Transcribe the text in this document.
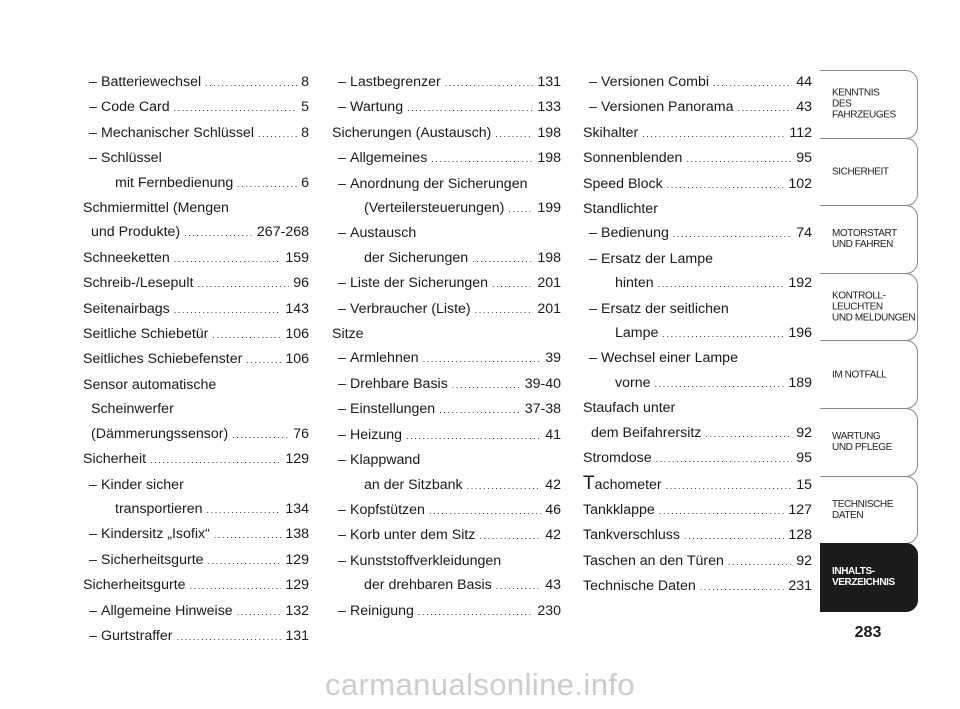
– Batteriewechsel .....	8
– Code Card .....	5
– Mechanischer Schlüssel .....	8
– Schlüssel
mit Fernbedienung .....	6
Schmiermittel (Mengen
und Produkte) .....	267-268
Schneeketten .....	159
Schreib-/Lesepult .....	96
Seitenairbags .....	143
Seitliche Schiebetür .....	106
Seitliches Schiebefenster .....	106
Sensor automatische
Scheinwerfer
(Dämmerungssensor) .....	76
Sicherheit .....	129
– Kinder sicher
transportieren .....	134
– Kindersitz „Isofix“ .....	138
– Sicherheitsgurte .....	129
Sicherheitsgurte .....	129
– Allgemeine Hinweise .....	132
– Gurtstraffer .....	131
– Lastbegrenzer .....	131
– Wartung .....	133
Sicherungen (Austausch) .....	198
– Allgemeines .....	198
– Anordnung der Sicherungen
(Verteilersteuerungen) ..... 199
– Austausch
der Sicherungen .....	198
– Liste der Sicherungen .....	201
– Verbraucher (Liste) .....	201
Sitze
– Armlehnen .....	39
– Drehbare Basis .....	39-40
– Einstellungen .....	37-38
– Heizung .....	41
– Klappwand
an der Sitzbank .....	42
– Kopfstützen .....	46
– Korb unter dem Sitz .....	42
– Kunststoffverkleidungen
der drehbaren Basis .....	43
– Reinigung .....	230
– Versionen Combi .....	44
– Versionen Panorama .....	43
Skihalter .....	112
Sonnenblenden .....	95
Speed Block .....	102
Standlichter
– Bedienung .....	74
– Ersatz der Lampe
hinten .....	192
– Ersatz der seitlichen
Lampe .....	196
– Wechsel einer Lampe
vorne .....	189
Staufach unter
dem Beifahrersitz .....	92
Stromdose .....	95
Tachometer .....	15
Tankklappe .....	127
Tankverschluss .....	128
Taschen an den Türen .....	92
Technische Daten .....	231
KENNTNIS
DES FAHRZEUGES
SICHERHEIT
MOTORSTART
UND FAHREN
KONTROLL-
LEUCHTEN
UND MELDUNGEN
IM NOTFALL
WARTUNG
UND PFLEGE
TECHNISCHE
DATEN
INHALTS-
VERZEICHNIS
283
carmanualsonline.info
